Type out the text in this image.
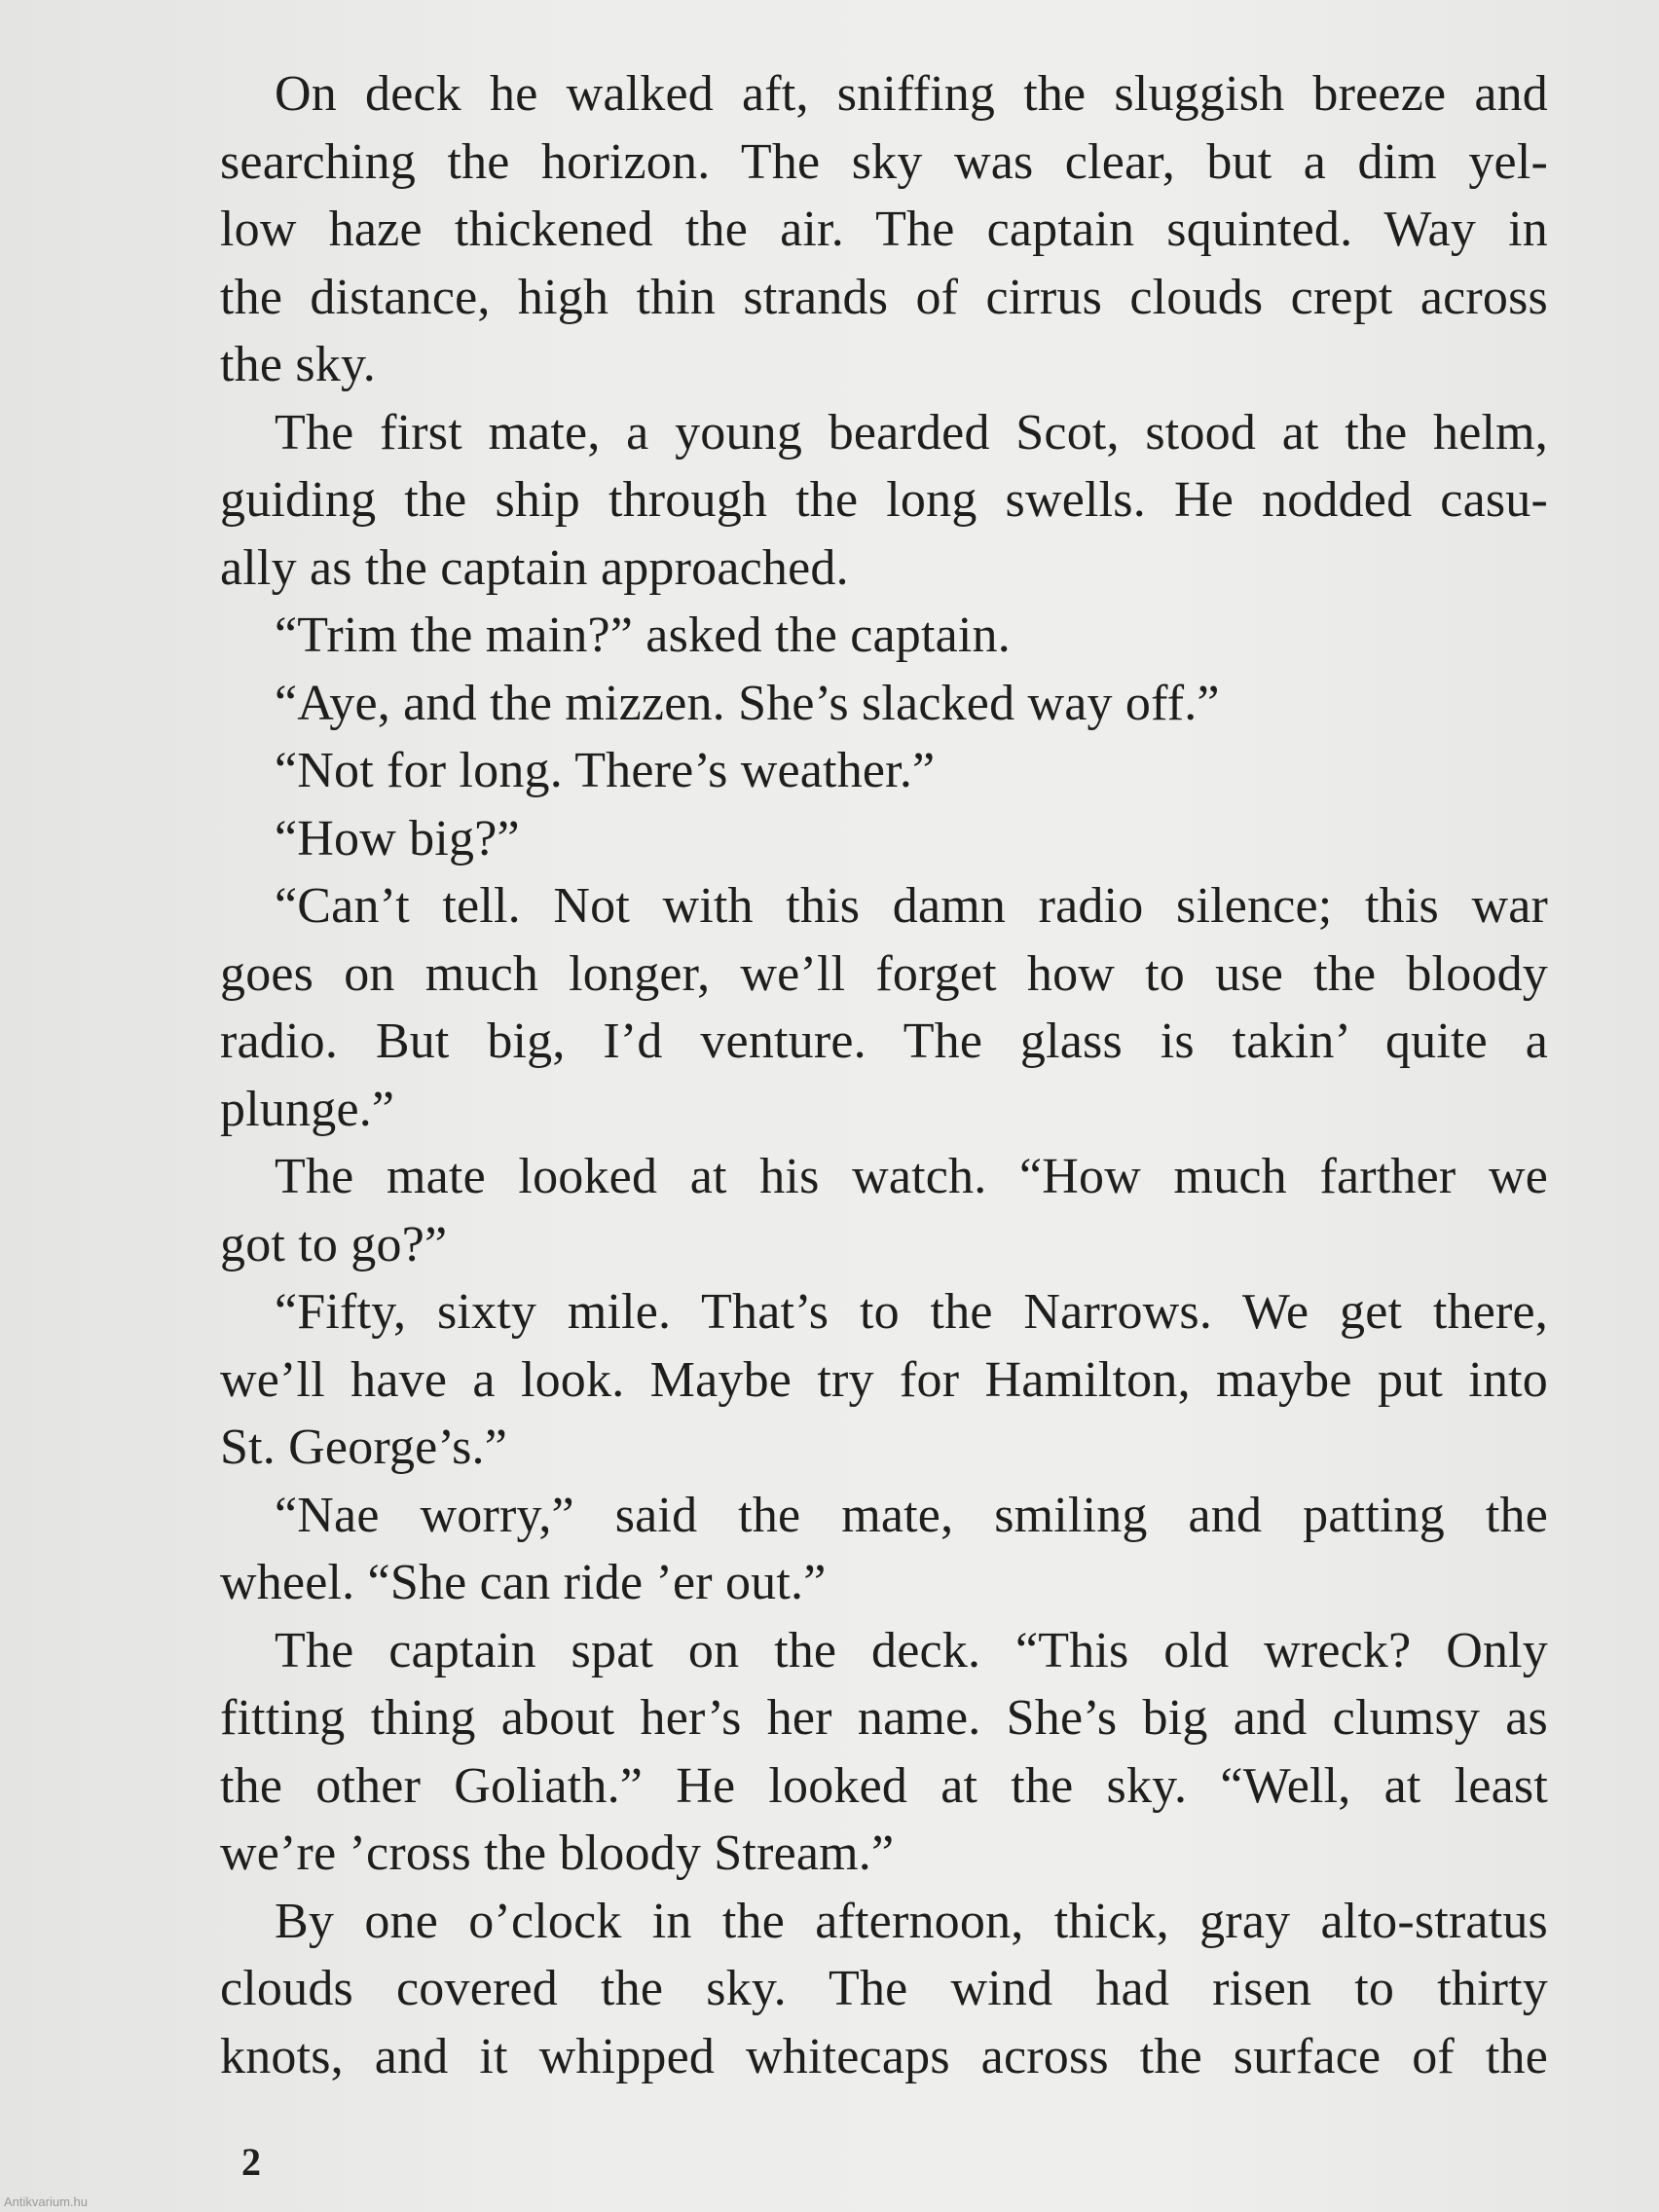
On deck he walked aft, sniffing the sluggish breeze and
searching the horizon. The sky was clear, but a dim yel-
low haze thickened the air. The captain squinted. Way in
the distance, high thin strands of cirrus clouds crept across
the sky.
The first mate, a young bearded Scot, stood at the helm,
guiding the ship through the long swells. He nodded casu-
ally as the captain approached.
“Trim the main?” asked the captain.
“Aye, and the mizzen. She’s slacked way off.”
“Not for long. There’s weather.”
“How big?”
“Can’t tell. Not with this damn radio silence; this war
goes on much longer, we’ll forget how to use the bloody
radio. But big, I’d venture. The glass is takin’ quite a
plunge.”
The mate looked at his watch. “How much farther we
got to go?”
“Fifty, sixty mile. That’s to the Narrows. We get there,
we’ll have a look. Maybe try for Hamilton, maybe put into
St. George’s.”
“Nae worry,” said the mate, smiling and patting the
wheel. “She can ride ’er out.”
The captain spat on the deck. “This old wreck? Only
fitting thing about her’s her name. She’s big and clumsy as
the other Goliath.” He looked at the sky. “Well, at least
we’re ’cross the bloody Stream.”
By one o’clock in the afternoon, thick, gray alto-stratus
clouds covered the sky. The wind had risen to thirty
knots, and it whipped whitecaps across the surface of the
2
Antikvarium.hu
